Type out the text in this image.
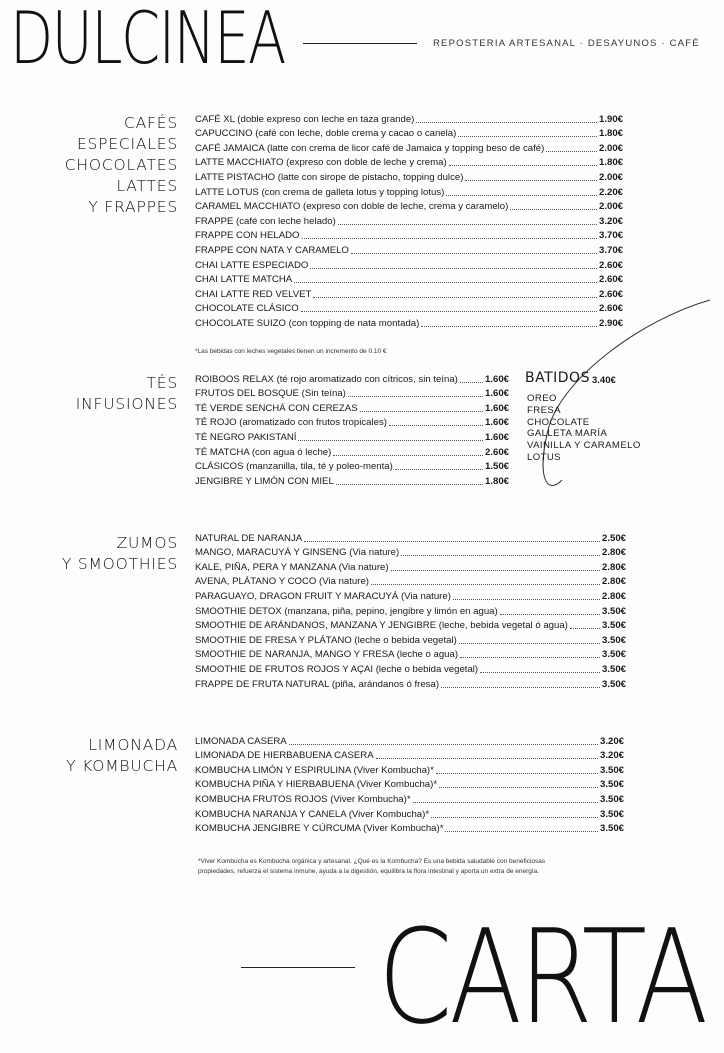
DULCINEA	REPOSTERIA ARTESANAL · DESAYUNOS · CAFÉ
CAFÉS
ESPECIALES
CHOCOLATES
LATTES
Y FRAPPES
CAFÉ XL (doble expreso con leche en taza grande)	1.90€
CAPUCCINO (café con leche, doble crema y cacao o canela)	1.80€
CAFÉ JAMAICA (latte con crema de licor café de Jamaica y topping beso de café)	2.00€
LATTE MACCHIATO (expreso con doble de leche y crema)	1.80€
LATTE PISTACHO (latte con sirope de pistacho, topping dulce)	2.00€
LATTE LOTUS (con crema de galleta lotus y topping lotus)	2.20€
CARAMEL MACCHIATO (expreso con doble de leche, crema y caramelo)	2.00€
FRAPPE (café con leche helado)	3.20€
FRAPPE CON HELADO	3.70€
FRAPPE CON NATA Y CARAMELO	3.70€
CHAI LATTE ESPECIADO	2.60€
CHAI LATTE MATCHA	2.60€
CHAI LATTE RED VELVET	2.60€
CHOCOLATE CLÁSICO	2.60€
CHOCOLATE SUIZO (con topping de nata montada)	2.90€
*Las bebidas con leches vegetales tienen un incremento de 0.10 €
TÉS
INFUSIONES
ROIBOOS RELAX (té rojo aromatizado con cítricos, sin teína)	1.60€
FRUTOS DEL BOSQUE (Sin teína)	1.60€
TÉ VERDE SENCHÁ CON CEREZAS	1.60€
TÉ ROJO (aromatizado con frutos tropicales)	1.60€
TÉ NEGRO PAKISTANÍ	1.60€
TÉ MATCHA (con agua ó leche)	2.60€
CLÁSICOS (manzanilla, tila, té y poleo-menta)	1.50€
JENGIBRE Y LIMÓN CON MIEL	1.80€
BATIDOS 3.40€
OREO
FRESA
CHOCOLATE
GALLETA MARÍA
VAINILLA Y CARAMELO
LOTUS
ZUMOS
Y SMOOTHIES
NATURAL DE NARANJA	2.50€
MANGO, MARACUYÁ Y GINSENG (Via nature)	2.80€
KALE, PIÑA, PERA Y MANZANA (Via nature)	2.80€
AVENA, PLÁTANO Y COCO (Via nature)	2.80€
PARAGUAYO, DRAGON FRUIT Y MARACUYÁ (Via nature)	2.80€
SMOOTHIE DETOX (manzana, piña, pepino, jengibre y limón en agua)	3.50€
SMOOTHIE DE ARÁNDANOS, MANZANA Y JENGIBRE (leche, bebida vegetal ó agua)	3.50€
SMOOTHIE DE FRESA Y PLÁTANO (leche o bebida vegetal)	3.50€
SMOOTHIE DE NARANJA, MANGO Y FRESA (leche o agua)	3.50€
SMOOTHIE DE FRUTOS ROJOS Y AÇAI (leche o bebida vegetal)	3.50€
FRAPPE DE FRUTA NATURAL (piña, arándanos ó fresa)	3.50€
LIMONADA
Y KOMBUCHA
LIMONADA CASERA	3.20€
LIMONADA DE HIERBABUENA CASERA	3.20€
KOMBUCHA LIMÓN Y ESPIRULINA (Viver Kombucha)*	3.50€
KOMBUCHA PIÑA Y HIERBABUENA (Viver Kombucha)*	3.50€
KOMBUCHA FRUTOS ROJOS (Viver Kombucha)*	3.50€
KOMBUCHA NARANJA Y CANELA (Viver Kombucha)*	3.50€
KOMBUCHA JENGIBRE Y CÚRCUMA (Viver Kombucha)*	3.50€
*Viver Kombucha es Kombucha orgánica y artesanal. ¿Qué es la Kombucha? Es una bebida saludable con beneficiosas
propiedades, refuerza el sistema inmune, ayuda a la digestión, equilibra la flora intestinal y aporta un extra de energía.
CARTA
